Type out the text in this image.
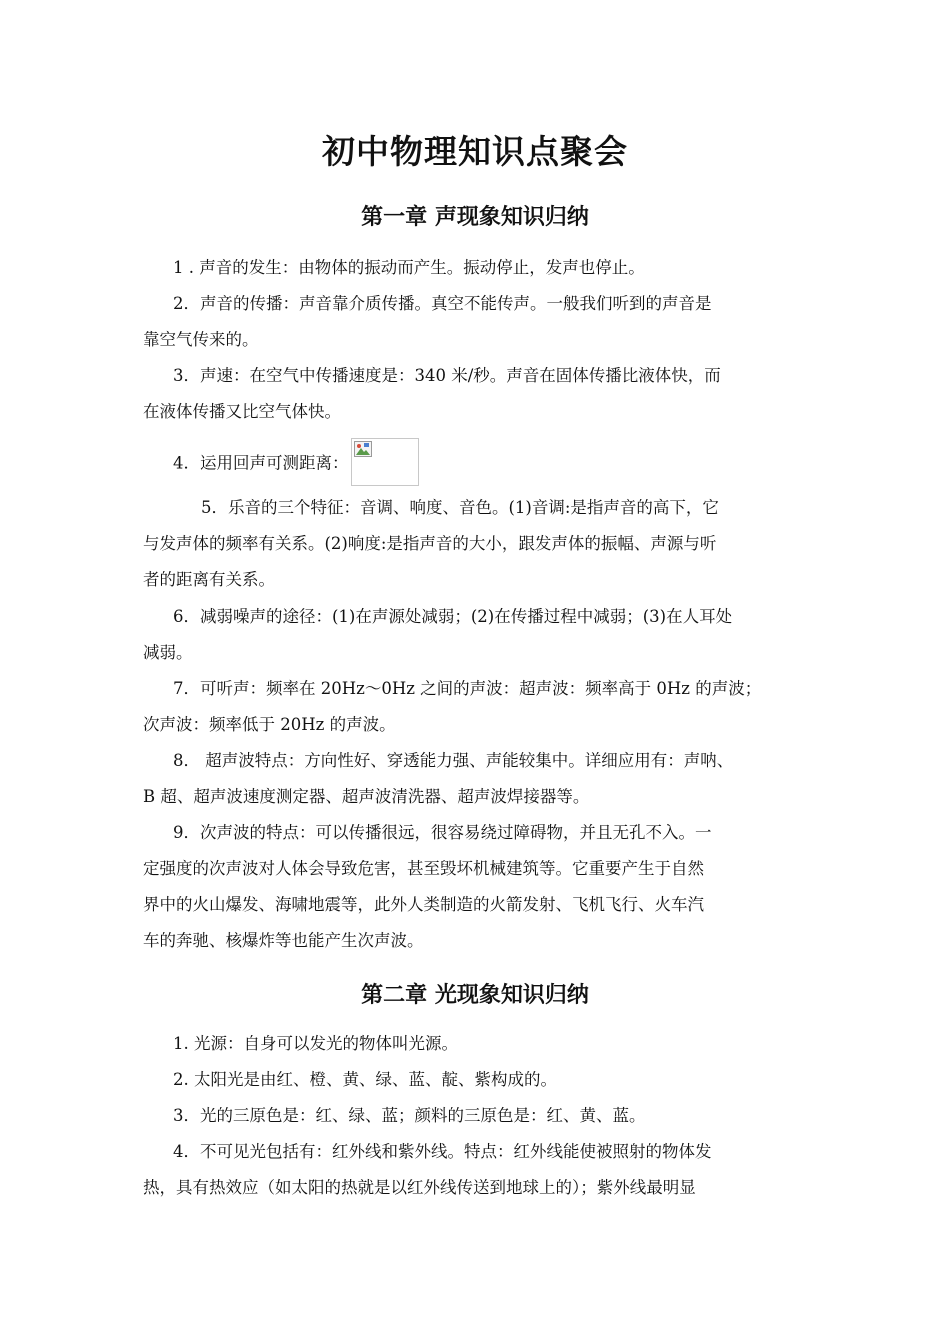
初中物理知识点聚会
第一章 声现象知识归纳
1 . 声音的发生：由物体的振动而产生。振动停止，发声也停止。
2．声音的传播：声音靠介质传播。真空不能传声。一般我们听到的声音是
靠空气传来的。
3．声速：在空气中传播速度是：340 米/秒。声音在固体传播比液体快，而
在液体传播又比空气体快。
4．运用回声可测距离：
5．乐音的三个特征：音调、响度、音色。(1)音调:是指声音的高下，它
与发声体的频率有关系。(2)响度:是指声音的大小，跟发声体的振幅、声源与听
者的距离有关系。
6．减弱噪声的途径：(1)在声源处减弱；(2)在传播过程中减弱；(3)在人耳处
减弱。
7．可听声：频率在 20Hz～0Hz 之间的声波：超声波：频率高于 0Hz 的声波；
次声波：频率低于 20Hz 的声波。
8． 超声波特点：方向性好、穿透能力强、声能较集中。详细应用有：声呐、
B 超、超声波速度测定器、超声波清洗器、超声波焊接器等。
9．次声波的特点：可以传播很远，很容易绕过障碍物，并且无孔不入。一
定强度的次声波对人体会导致危害，甚至毁坏机械建筑等。它重要产生于自然
界中的火山爆发、海啸地震等，此外人类制造的火箭发射、飞机飞行、火车汽
车的奔驰、核爆炸等也能产生次声波。
第二章 光现象知识归纳
1. 光源：自身可以发光的物体叫光源。
2. 太阳光是由红、橙、黄、绿、蓝、靛、紫构成的。
3．光的三原色是：红、绿、蓝；颜料的三原色是：红、黄、蓝。
4．不可见光包括有：红外线和紫外线。特点：红外线能使被照射的物体发
热，具有热效应（如太阳的热就是以红外线传送到地球上的）；紫外线最明显
